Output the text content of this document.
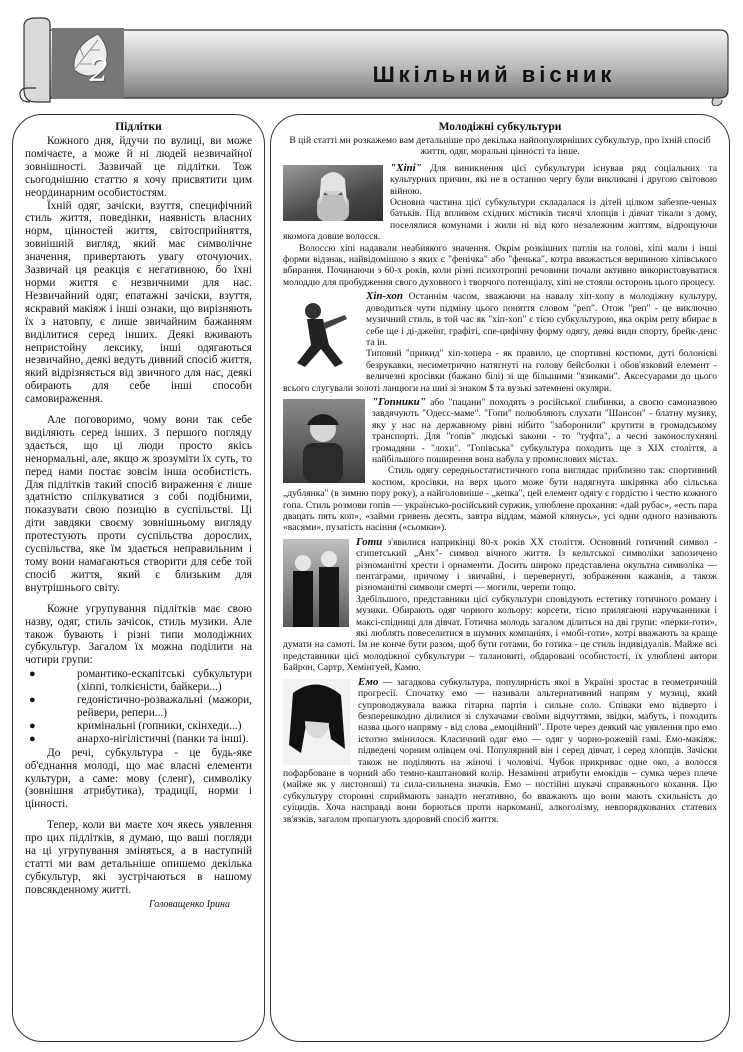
2	Шкільний вісник
Підлітки

Кожного дня, йдучи по вулиці, ви може помічаєте, а може й ні людей незвичайної зовнішності. Зазвичай це підлітки. Тож сьогоднішню статтю я хочу присвятити цим неординарним особистостям.

Їхній одяг, зачіски, взуття, специфічний стиль життя, поведінки, наявність власних норм, цінностей життя, світосприйняття, зовнішній вигляд, який має символічне значення, привертають увагу оточуючих. Зазвичай ця реакція є негативною, бо їхні норми життя є незвичними для нас. Незвичайний одяг, епатажні зачіски, взуття, яскравий макіяж і інші ознаки, що вирізняють їх з натовпу, є лише звичайним бажанням виділитися серед інших. Деякі вживають непристойну лексику, інші одягаються незвичайно, деякі ведуть дивний спосіб життя, який відрізняється від звичного для нас, деякі обирають для себе інші способи самовираження.

Але поговоримо, чому вони так себе виділяють серед інших. З першого погляду здається, що ці люди просто якісь ненормальні, але, якщо ж зрозуміти їх суть, то перед нами постає зовсім інша особистість. Для підлітків такий спосіб вираження є лише здатністю спілкуватися з собі подібними, показувати свою позицію в суспільстві. Ці діти завдяки своєму зовнішньому вигляду протестують проти суспільства дорослих, суспільства, яке їм здається неправильним і тому вони намагаються створити для себе той спосіб життя, який є близьким для внутрішнього світу.

Кожне угрупування підлітків має свою назву, одяг, стиль зачісок, стиль музики. Але також бувають і різні типи молодіжних субкультур. Загалом їх можна поділити на чотири групи:

●	романтико-ескапітські субкультури (хіппі, толкієністи, байкери...)
●	гедоністично-розважальні (мажори, рейвери, репери...)
●	кримінальні (гопники, скінхеди...)
●	анархо-нігілістичні (панки та інші).

До речі, субкультура - це будь-яке об'єднання молоді, що має власні елементи культури, а саме: мову (сленг), символіку (зовнішня атрибутика), традиції, норми і цінності.

Тепер, коли ви маєте хоч якесь уявлення про цих підлітків, я думаю, що ваші погляди на ці угрупування зміняться, а в наступній статті ми вам детальніше опишемо декілька субкультур, які зустрічаються в нашому повсякденному житті.

Головащенко Ірина
Молодіжні субкультури
В цій статті ми розкажемо вам детальніше про декілька найпопулярніших субкультур, про їхній спосіб життя, одяг, моральні цінності та інше.

"Хіпі" Для виникнення цієї субкультури існував ряд соціальних та культурних причин, які не в останню чергу були викликані і другою світовою війною.

Основна частина цієї субкультури складалася із дітей цілком забезпе-ченых батьків. Під впливом східних містиків тисячі хлопців і дівчат тікали з дому, поселялися комунами і жили ні від кого незалежним життям, відрощуючи якомога довше волосся.

Волоссю хіпі надавали неабиякого значення. Окрім розкішних патлів на голові, хіпі мали і інші форми відзнак, найвідомішою з яких є "фенічка" або "фенька", котра вважається вершиною хіпівського вбирання. Починаючи з 60-х років, коли різні психотропні речовини почали активно використовуватися молоддю для пробудження свого духовного і творчого потенціалу, хіпі не стояли осторонь цього процесу.

Хіп-хоп Останнім часом, зважаючи на навалу хіп-хопу в молодіжну культуру, доводиться чути підміну цього поняття словом "реп". Отож "реп" - це виключно музичний стиль, в той час як "хіп-хоп" є тією субкультурою, яка окрім репу вбирає в себе ще і ді-джеїнг, графіті, спе-цифічну форму одягу, деякі види спорту, брейк-денс та ін.

Типовий "прикид" хіп-хопера - як правило, це спортивні костюми, дуті болонієві безрукавки, несиметрично натягнуті на голову бейсболки і обов'язковий елемент - величезні кросівки (бажано білі) зі ще більшими "язиками". Аксесуарами до цього всього слугували золоті ланцюги на шиї зі знаком $ та вузькі затемнені окуляри.

"Гопники" або "пацани" походять з російської глибинки, а своєю самоназвою завдячують "Одесс-маме". "Гопи" полюбляють слухати "Шансон" - блатну музику, яку у нас на державному рівні нібито "заборонили" крутити в громадському транспорті. Для "гопів" людські закони - то "туфта", а чесні законослухняні громадяни - "лохи". "Гопівська" субкультура походить ще з XIX століття, а найбільшого поширення вона набула у промислових містах.

Стиль одягу середньостатистичного гопа виглядає приблизно так: спортивний костюм, кросівки, на верх цього може бути надягнута шкірянка або сільська „дублянка" (в зимню пору року), а найголовніше - „кепка", цей елемент одягу є гордістю і честю кожного гопа. Стиль розмови гопів — українсько-російський суржик, улюблене прохання: «дай рубас», «есть пара двацать пять коп», «займи гривень десять, завтра віддам, мамой клянусь», усі одни одного називають «васями», пузатість насіння («сьомки»).

Готи з'явилися наприкінці 80-х років XX століття. Основний готичний символ - єгипетський „Анх"- символ вічного життя. Із кельтської символіки запозичено різноманітні хрести і орнаменти. Досить широко представлена окультна символіка — пентаграми, причому і звичайні, і перевернуті, зображення кажанів, а також різноманітні символи смерті — могили, черепи тощо.

Здебільшого, представники цієї субкультури сповідують естетику готичного роману і музики. Обирають одяг чорного кольору: корсети, тісно прилягаючі наручканники і максі-спідниці для дівчат. Готична молодь загалом ділиться на дві групи: «перки-готи», які люблять повеселитися в шумних компаніях, і «мобі-готи», котрі вважають за краще думати на самоті. Ім не конче бути разом, щоб бути готами, бо готика - це стиль індивідуалів. Майже всі представники цієї молодіжної субкультури – талановиті, обдаровані особистості, їх улюблені автори Байрон, Сартр, Хемінгуей, Камю.

Емо — загадкова субкультура, популярність якої в Україні зростає в геометричній прогресії. Спочатку емо — називали альтернативний напрям у музиці, який супроводжувала важка гітарна партія і сильне соло. Співаки емо відверто і безперешкодно ділилися зі слухачами своїми відчуттями, звідки, мабуть, і походить назва цього напряму - від слова „емоційний". Проте через деякий час уявлення про емо істотно змінилося. Класичний одяг емо — одяг у чорно-рожевій гамі. Емо-макіяж: підведені чорним олівцем очі. Популярний він і серед дівчат, і серед хлопців. Зачіски також не поділяють на жіночі і чоловічі. Чубок прикриває одне око, а волосся пофарбоване в чорний або темно-каштановий колір. Незамінні атрибути емокідів – сумка через плече (майже як у листоноші) та сила-сильнена значків. Емо – постійні шукачі справжнього кохання. Цю субкультуру сторонні сприймають занадто негативно, бо вважають що вони мають схильність до суїцидів. Хоча насправді вони борються проти наркоманії, алкоголізму, невпорядкованих статевих зв'язків, загалом пропагують здоровий спосіб життя.
